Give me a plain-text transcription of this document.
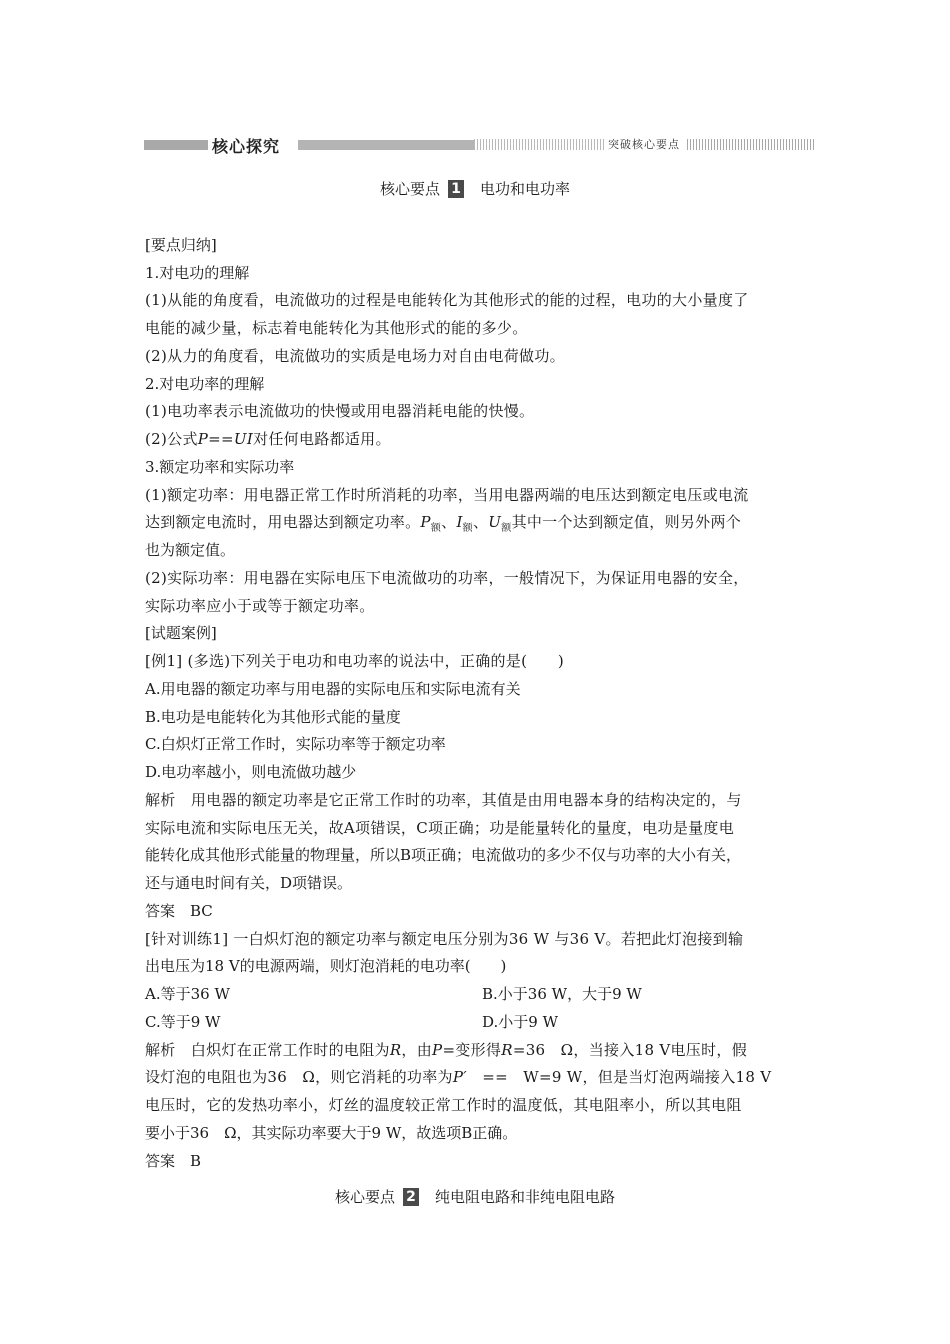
核心探究	突破核心要点
核心要点 1 电功和电功率
[要点归纳]
1.对电功的理解
(1)从能的角度看，电流做功的过程是电能转化为其他形式的能的过程，电功的大小量度了
电能的减少量，标志着电能转化为其他形式的能的多少。
(2)从力的角度看，电流做功的实质是电场力对自由电荷做功。
2.对电功率的理解
(1)电功率表示电流做功的快慢或用电器消耗电能的快慢。
(2)公式P==UI对任何电路都适用。
3.额定功率和实际功率
(1)额定功率：用电器正常工作时所消耗的功率，当用电器两端的电压达到额定电压或电流
达到额定电流时，用电器达到额定功率。$P_额$、$I_额$、$U_额$其中一个达到额定值，则另外两个
也为额定值。
(2)实际功率：用电器在实际电压下电流做功的功率，一般情况下，为保证用电器的安全，
实际功率应小于或等于额定功率。
[试题案例]
[例1] (多选)下列关于电功和电功率的说法中，正确的是(　　)
A.用电器的额定功率与用电器的实际电压和实际电流有关
B.电功是电能转化为其他形式能的量度
C.白炽灯正常工作时，实际功率等于额定功率
D.电功率越小，则电流做功越少
解析　用电器的额定功率是它正常工作时的功率，其值是由用电器本身的结构决定的，与
实际电流和实际电压无关，故A项错误，C项正确；功是能量转化的量度，电功是量度电
能转化成其他形式能量的物理量，所以B项正确；电流做功的多少不仅与功率的大小有关，
还与通电时间有关，D项错误。
答案　BC
[针对训练1] 一白炽灯泡的额定功率与额定电压分别为36 W 与36 V。若把此灯泡接到输
出电压为18 V的电源两端，则灯泡消耗的电功率(　　)
A.等于36 W	B.小于36 W，大于9 W
C.等于9 W	D.小于9 W
解析　白炽灯在正常工作时的电阻为R，由P=变形得R=36　Ω，当接入18 V电压时，假
设灯泡的电阻也为36　Ω，则它消耗的功率为P′　==　W=9 W，但是当灯泡两端接入18 V
电压时，它的发热功率小，灯丝的温度较正常工作时的温度低，其电阻率小，所以其电阻
要小于36　Ω，其实际功率要大于9 W，故选项B正确。
答案　B
核心要点 2 纯电阻电路和非纯电阻电路
